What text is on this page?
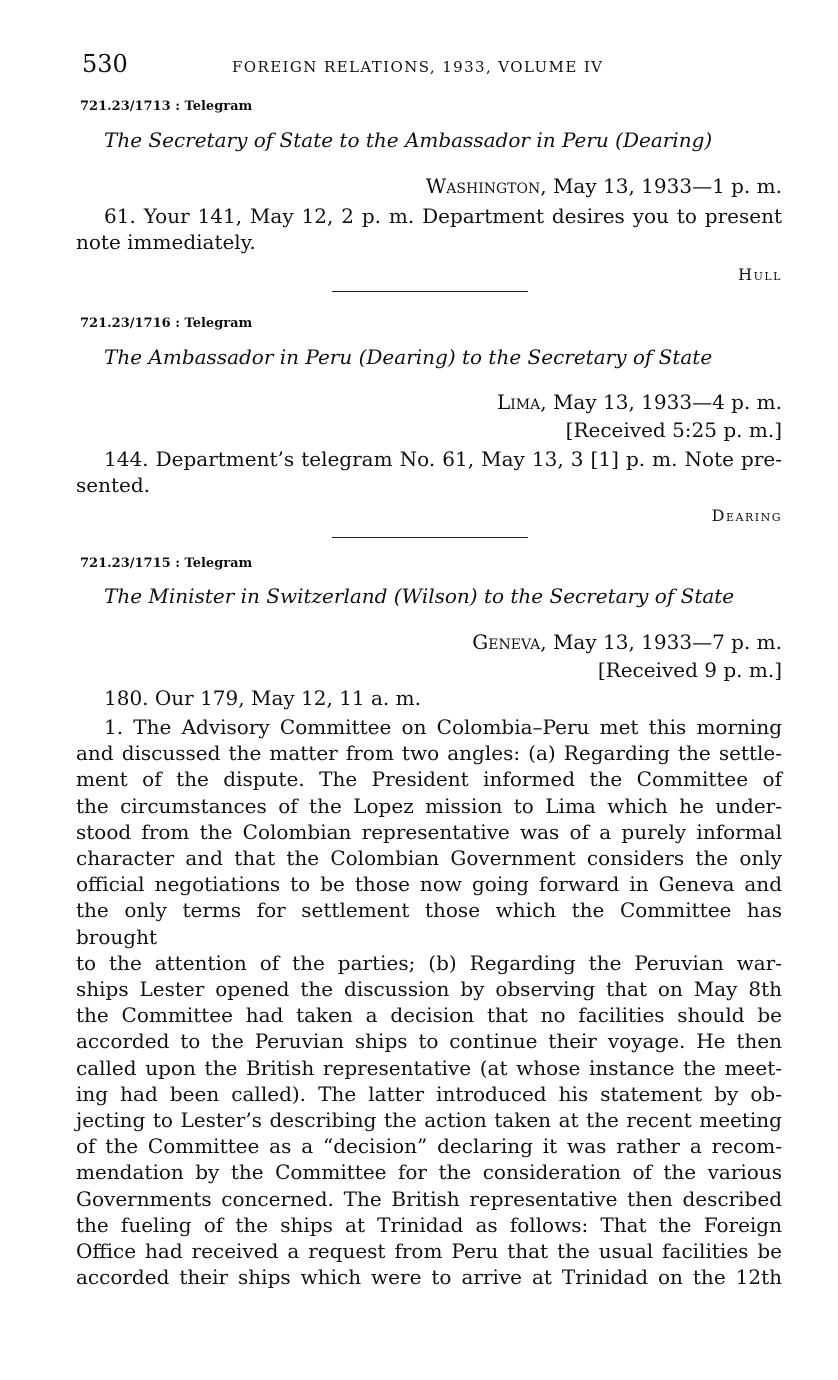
530	FOREIGN RELATIONS, 1933, VOLUME IV
721.23/1713 : Telegram
The Secretary of State to the Ambassador in Peru (Dearing)
Washington, May 13, 1933—1 p. m.
61. Your 141, May 12, 2 p. m. Department desires you to present
note immediately.
Hull
721.23/1716 : Telegram
The Ambassador in Peru (Dearing) to the Secretary of State
Lima, May 13, 1933—4 p. m.
[Received 5:25 p. m.]
144. Department’s telegram No. 61, May 13, 3 [1] p. m. Note pre-
sented.
Dearing
721.23/1715 : Telegram
The Minister in Switzerland (Wilson) to the Secretary of State
Geneva, May 13, 1933—7 p. m.
[Received 9 p. m.]
180. Our 179, May 12, 11 a. m.
1. The Advisory Committee on Colombia–Peru met this morning
and discussed the matter from two angles: (a) Regarding the settle-
ment of the dispute. The President informed the Committee of
the circumstances of the Lopez mission to Lima which he under-
stood from the Colombian representative was of a purely informal
character and that the Colombian Government considers the only
official negotiations to be those now going forward in Geneva and
the only terms for settlement those which the Committee has brought
to the attention of the parties; (b) Regarding the Peruvian war-
ships Lester opened the discussion by observing that on May 8th
the Committee had taken a decision that no facilities should be
accorded to the Peruvian ships to continue their voyage. He then
called upon the British representative (at whose instance the meet-
ing had been called). The latter introduced his statement by ob-
jecting to Lester’s describing the action taken at the recent meeting
of the Committee as a “decision” declaring it was rather a recom-
mendation by the Committee for the consideration of the various
Governments concerned. The British representative then described
the fueling of the ships at Trinidad as follows: That the Foreign
Office had received a request from Peru that the usual facilities be
accorded their ships which were to arrive at Trinidad on the 12th
